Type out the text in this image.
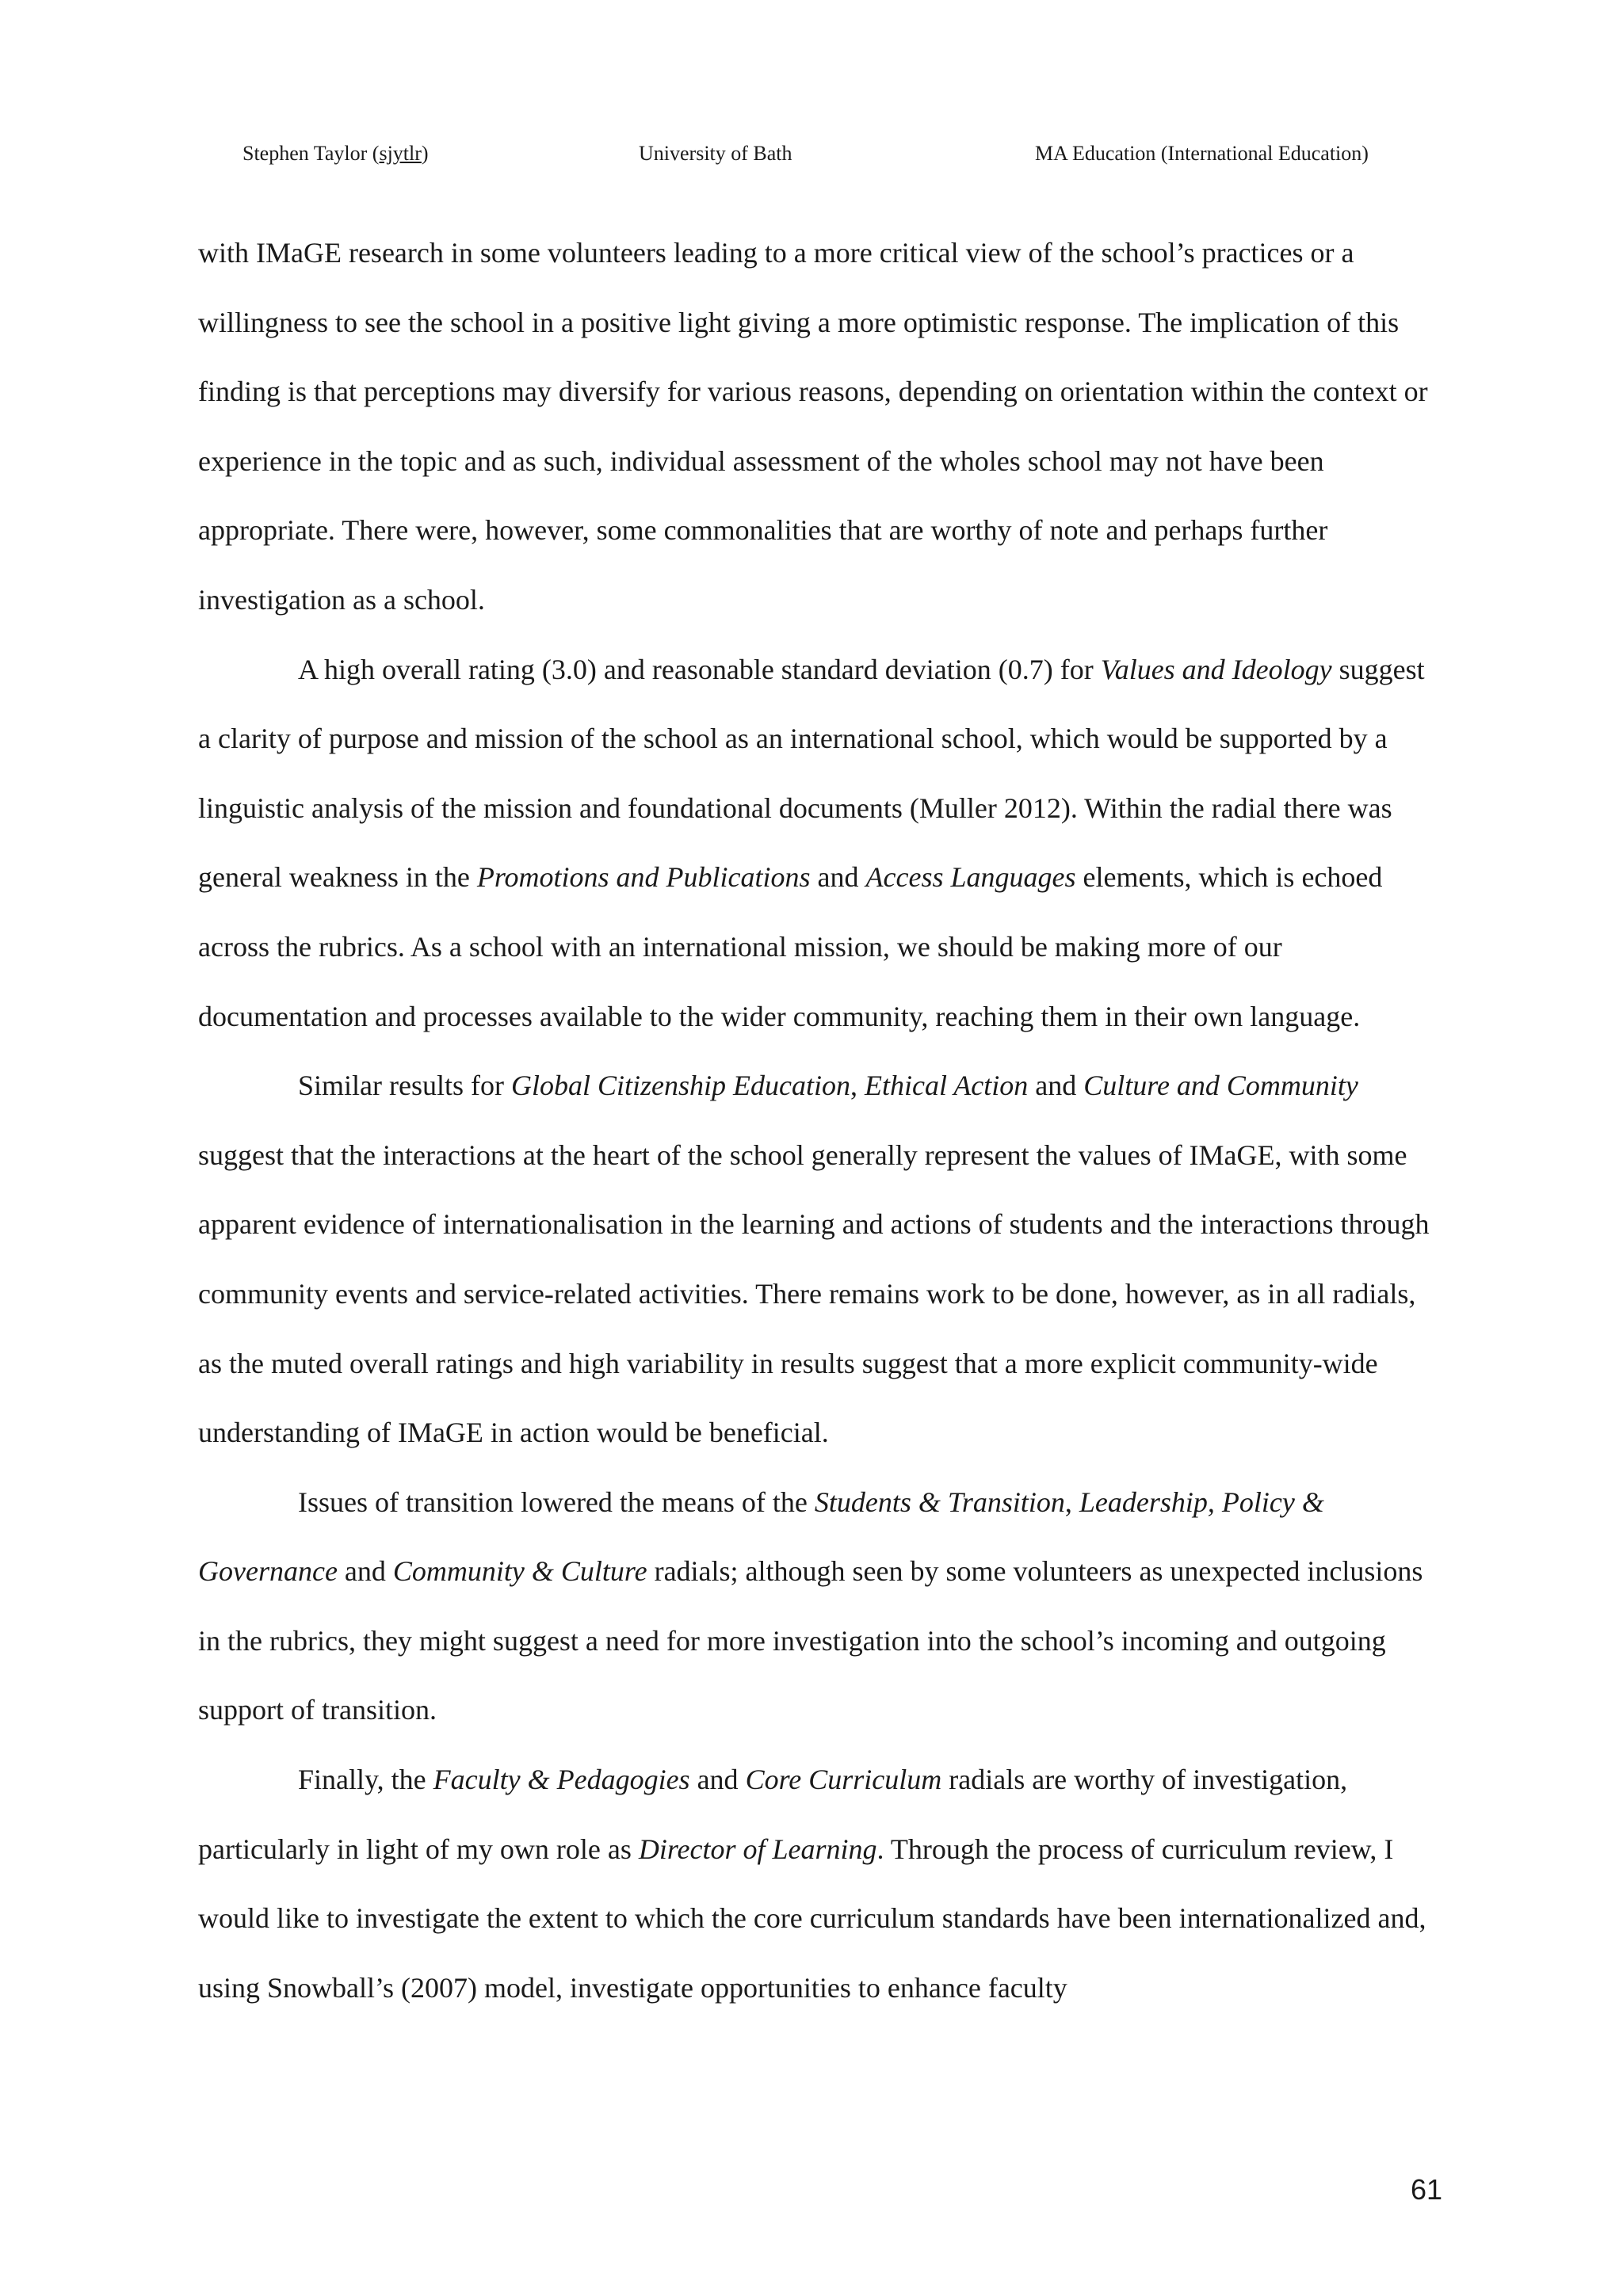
Stephen Taylor (sjytlr)	University of Bath	MA Education (International Education)

with IMaGE research in some volunteers leading to a more critical view of the school’s practices or a willingness to see the school in a positive light giving a more optimistic response. The implication of this finding is that perceptions may diversify for various reasons, depending on orientation within the context or experience in the topic and as such, individual assessment of the wholes school may not have been appropriate. There were, however, some commonalities that are worthy of note and perhaps further investigation as a school.

A high overall rating (3.0) and reasonable standard deviation (0.7) for Values and Ideology suggest a clarity of purpose and mission of the school as an international school, which would be supported by a linguistic analysis of the mission and foundational documents (Muller 2012). Within the radial there was general weakness in the Promotions and Publications and Access Languages elements, which is echoed across the rubrics. As a school with an international mission, we should be making more of our documentation and processes available to the wider community, reaching them in their own language.

Similar results for Global Citizenship Education, Ethical Action and Culture and Community suggest that the interactions at the heart of the school generally represent the values of IMaGE, with some apparent evidence of internationalisation in the learning and actions of students and the interactions through community events and service-related activities. There remains work to be done, however, as in all radials, as the muted overall ratings and high variability in results suggest that a more explicit community-wide understanding of IMaGE in action would be beneficial.

Issues of transition lowered the means of the Students & Transition, Leadership, Policy & Governance and Community & Culture radials; although seen by some volunteers as unexpected inclusions in the rubrics, they might suggest a need for more investigation into the school’s incoming and outgoing support of transition.

Finally, the Faculty & Pedagogies and Core Curriculum radials are worthy of investigation, particularly in light of my own role as Director of Learning. Through the process of curriculum review, I would like to investigate the extent to which the core curriculum standards have been internationalized and, using Snowball’s (2007) model, investigate opportunities to enhance faculty

61
